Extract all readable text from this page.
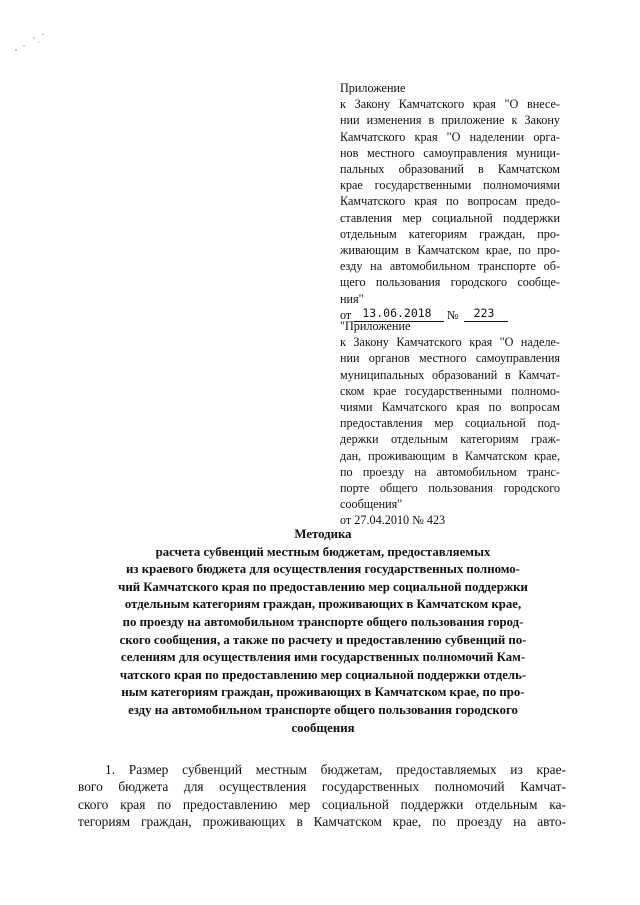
Приложение
к Закону Камчатского края "О внесе-
нии изменения в приложение к Закону
Камчатского края "О наделении орга-
нов местного самоуправления муници-
пальных образований в Камчатском
крае государственными полномочиями
Камчатского края по вопросам предо-
ставления мер социальной поддержки
отдельным категориям граждан, про-
живающим в Камчатском крае, по про-
езду на автомобильном транспорте об-
щего пользования городского сообще-
ния"
от 13.06.2018	№	223
"Приложение
к Закону Камчатского края "О наделе-
нии органов местного самоуправления
муниципальных образований в Камчат-
ском крае государственными полномо-
чиями Камчатского края по вопросам
предоставления мер социальной под-
держки отдельным категориям граж-
дан, проживающим в Камчатском крае,
по проезду на автомобильном транс-
порте общего пользования городского
сообщения"
от 27.04.2010 № 423
Методика
расчета субвенций местным бюджетам, предоставляемых
из краевого бюджета для осуществления государственных полномо-
чий Камчатского края по предоставлению мер социальной поддержки
отдельным категориям граждан, проживающих в Камчатском крае,
по проезду на автомобильном транспорте общего пользования город-
ского сообщения, а также по расчету и предоставлению субвенций по-
селениям для осуществления ими государственных полномочий Кам-
чатского края по предоставлению мер социальной поддержки отдель-
ным категориям граждан, проживающих в Камчатском крае, по про-
езду на автомобильном транспорте общего пользования городского
сообщения
1. Размер субвенций местным бюджетам, предоставляемых из крае-
вого бюджета для осуществления государственных полномочий Камчат-
ского края по предоставлению мер социальной поддержки отдельным ка-
тегориям граждан, проживающих в Камчатском крае, по проезду на авто-
